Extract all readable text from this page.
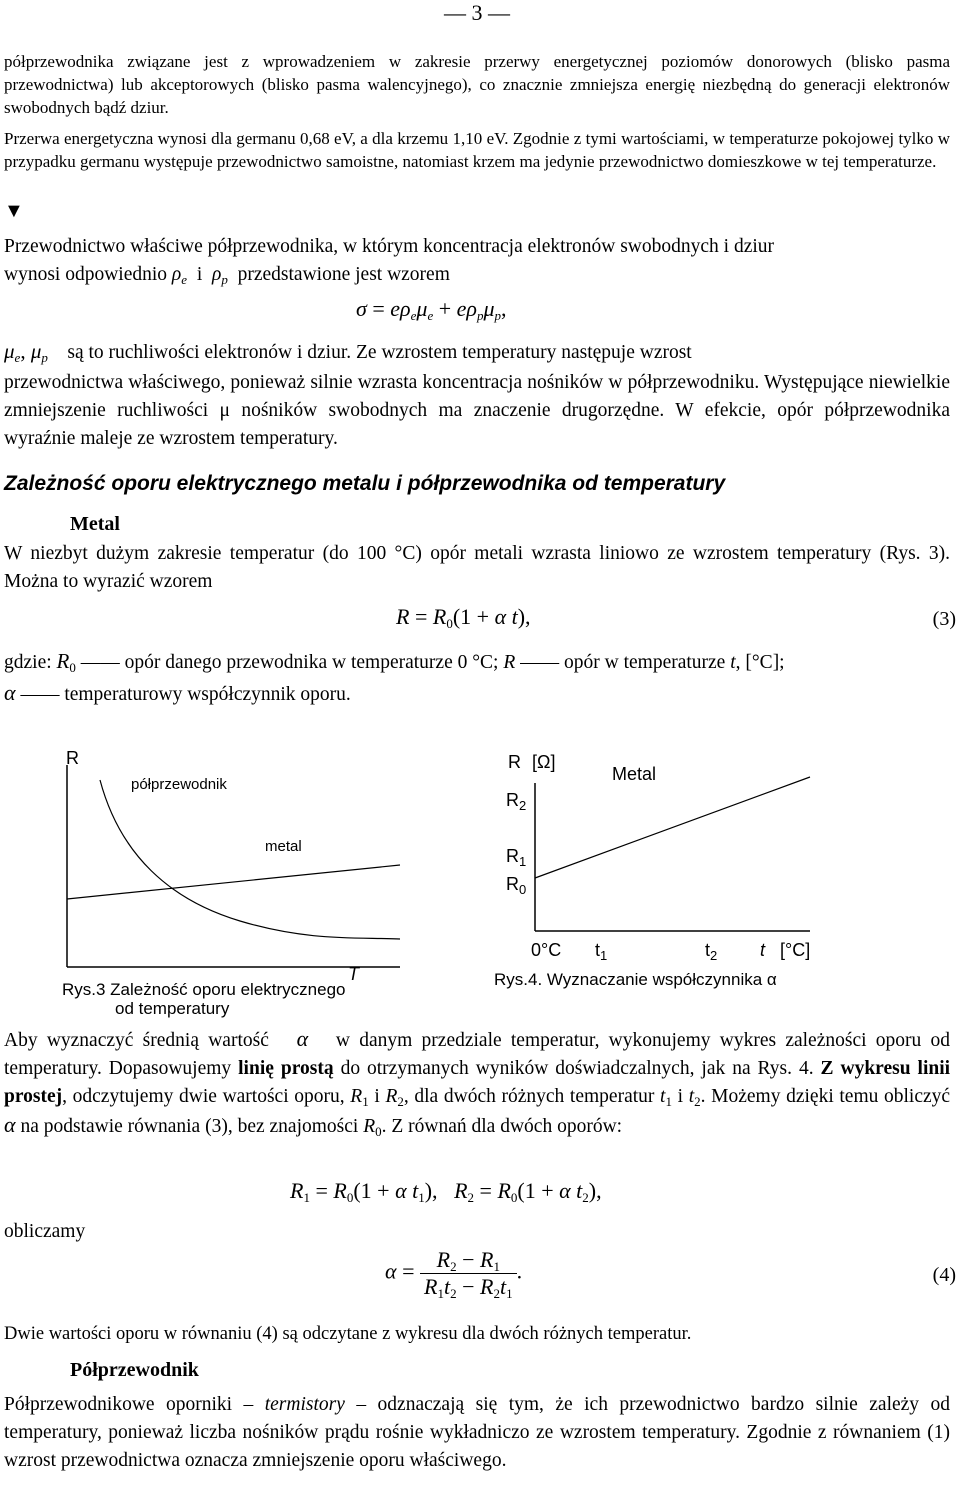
— 3 —
półprzewodnika związane jest z wprowadzeniem w zakresie przerwy energetycznej poziomów donorowych (blisko pasma przewodnictwa) lub akceptorowych (blisko pasma walencyjnego), co znacznie zmniejsza energię niezbędną do generacji elektronów swobodnych bądź dziur.
Przerwa energetyczna wynosi dla germanu 0,68 eV, a dla krzemu 1,10 eV. Zgodnie z tymi wartościami, w temperaturze pokojowej tylko w przypadku germanu występuje przewodnictwo samoistne, natomiast krzem ma jedynie przewodnictwo domieszkowe w tej temperaturze.
▼
Przewodnictwo właściwe półprzewodnika, w którym koncentracja elektronów swobodnych i dziur
wynosi odpowiednio $\rho_e$  i  $\rho_p$ przedstawione jest wzorem
$\sigma = e\rho_e\mu_e + e\rho_p\mu_p$,
$\mu_e$, $\mu_p$ są to ruchliwości elektronów i dziur. Ze wzrostem temperatury następuje wzrost
przewodnictwa właściwego, ponieważ silnie wzrasta koncentracja nośników w półprzewodniku. Występujące niewielkie zmniejszenie ruchliwości μ nośników swobodnych ma znaczenie drugorzędne. W efekcie, opór półprzewodnika wyraźnie maleje ze wzrostem temperatury.
Zależność oporu elektrycznego metalu i półprzewodnika od temperatury
Metal
W niezbyt dużym zakresie temperatur (do 100 °C) opór metali wzrasta liniowo ze wzrostem temperatury (Rys. 3). Można to wyrazić wzorem
$R = R_0(1 + \alpha$ t),	(3)
gdzie: $R_0$ —— opór danego przewodnika w temperaturze 0 °C; R —— opór w temperaturze t, [°C];
α —— temperaturowy współczynnik oporu.
R
półprzewodnik
metal
T
Rys.3 Zależność oporu elektrycznego
od temperatury
R [Ω]
Metal
$R_2$
$R_1$
$R_0$
0°C $t_1$	$t_2$ t [°C]
Rys.4. Wyznaczanie współczynnika α
Aby wyznaczyć średnią wartość α w danym przedziale temperatur, wykonujemy wykres zależności oporu od temperatury. Dopasowujemy linię prostą do otrzymanych wyników doświadczalnych, jak na Rys. 4. Z wykresu linii prostej, odczytujemy dwie wartości oporu, $R_1$ i $R_2$, dla dwóch różnych temperatur $t_1$ i $t_2$. Możemy dzięki temu obliczyć α na podstawie równania (3), bez znajomości $R_0$. Z równań dla dwóch oporów:
$R_1 = R_0(1 + \alpha$ $t_1$),   $R_2 = R_0(1 + \alpha$ $t_2$),
obliczamy
$\alpha = \frac{R_2 - R_1}{R_1t_2 - R_2t_1}$ .	(4)
Dwie wartości oporu w równaniu (4) są odczytane z wykresu dla dwóch różnych temperatur.
Półprzewodnik
Półprzewodnikowe oporniki – termistory – odznaczają się tym, że ich przewodnictwo bardzo silnie zależy od temperatury, ponieważ liczba nośników prądu rośnie wykładniczo ze wzrostem temperatury. Zgodnie z równaniem (1) wzrost przewodnictwa oznacza zmniejszenie oporu właściwego.
